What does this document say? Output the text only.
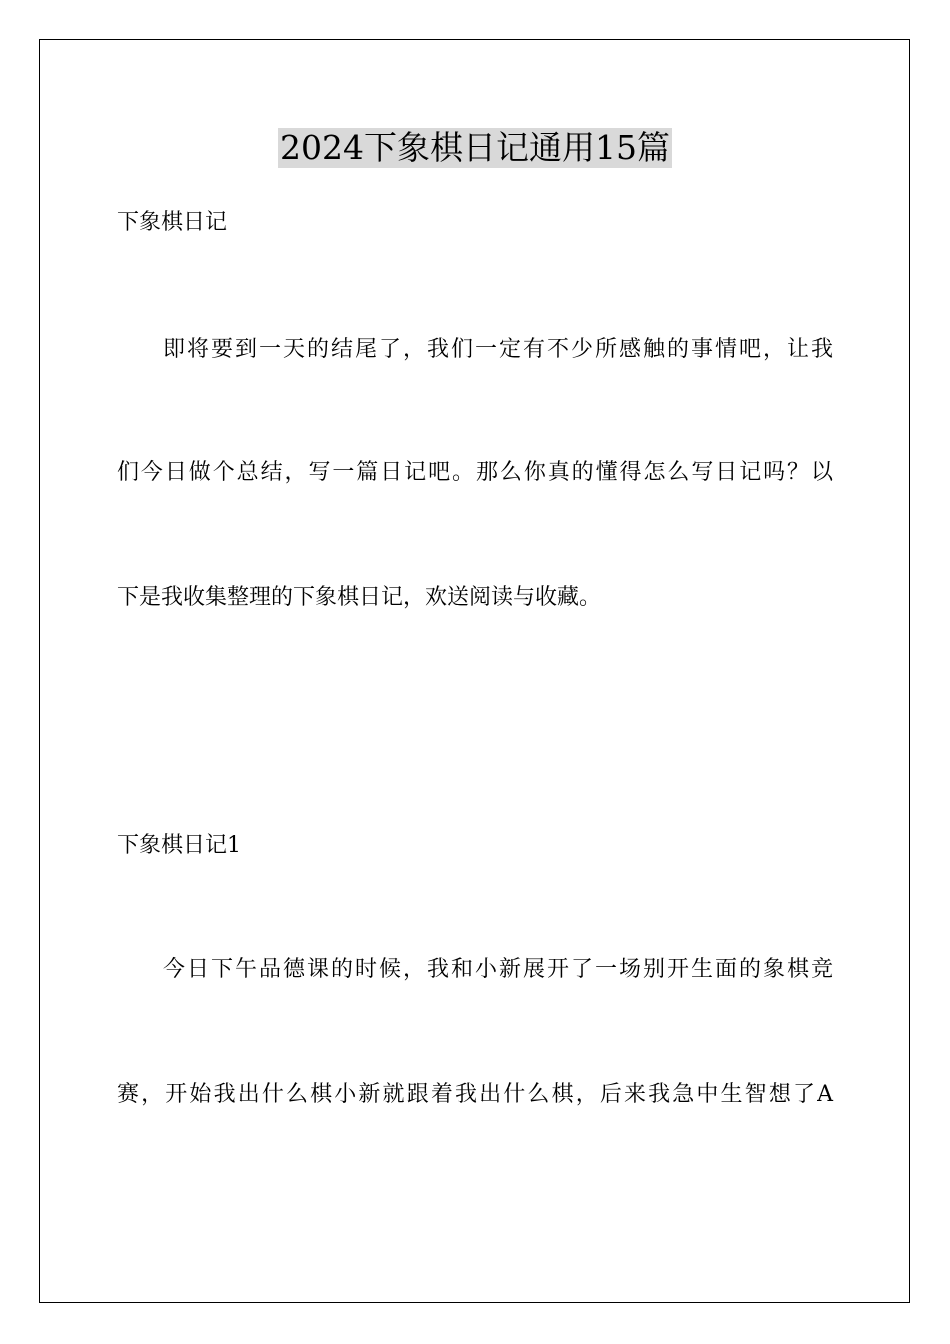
2024下象棋日记通用15篇
下象棋日记
即将要到一天的结尾了，我们一定有不少所感触的事情吧，让我
们今日做个总结，写一篇日记吧。那么你真的懂得怎么写日记吗？以
下是我收集整理的下象棋日记，欢送阅读与收藏。
下象棋日记1
今日下午品德课的时候，我和小新展开了一场别开生面的象棋竞
赛，开始我出什么棋小新就跟着我出什么棋，后来我急中生智想了A
